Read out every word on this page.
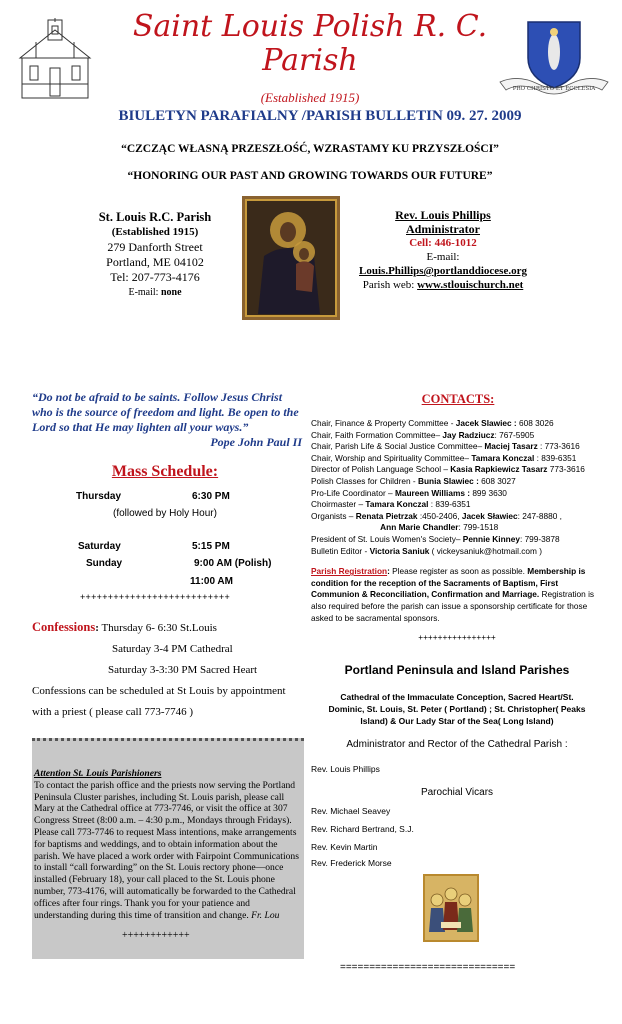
Saint Louis Polish R. C.
Parish
(Established 1915)
PRO CHRISTO ET ECCLESIA
BIULETYN PARAFIALNY /PARISH BULLETIN 09. 27. 2009
“CZCZĄC WŁASNĄ PRZESZŁOŚĆ, WZRASTAMY KU PRZYSZŁOŚCI”
“HONORING OUR PAST AND GROWING TOWARDS OUR FUTURE”
St. Louis R.C. Parish
(Established 1915)
279 Danforth Street
Portland, ME 04102
Tel: 207-773-4176
E-mail: none
Rev. Louis Phillips
Administrator
Cell: 446-1012
E-mail:
Louis.Phillips@portlanddiocese.org
Parish web: www.stlouischurch.net
“Do not be afraid to be saints. Follow Jesus Christ who is the source of freedom and light. Be open to the Lord so that He may lighten all your ways.”
Pope John Paul II
Mass Schedule:
Thursday	6:30 PM
(followed by Holy Hour)
Saturday	5:15 PM
Sunday	9:00 AM (Polish)
11:00 AM
+++++++++++++++++++++++++++
Confessions: Thursday 6- 6:30 St.Louis
Saturday 3-4 PM Cathedral
Saturday 3-3:30 PM Sacred Heart
Confessions can be scheduled at St Louis by appointment
with a priest ( please call 773-7746 )
Attention St. Louis Parishioners
To contact the parish office and the priests now serving the Portland Peninsula Cluster parishes, including St. Louis parish, please call Mary at the Cathedral office at 773-7746, or visit the office at 307 Congress Street (8:00 a.m. – 4:30 p.m., Mondays through Fridays). Please call 773-7746 to request Mass intentions, make arrangements for baptisms and weddings, and to obtain information about the parish. We have placed a work order with Fairpoint Communications to install “call forwarding” on the St. Louis rectory phone—once installed (February 18), your call placed to the St. Louis phone number, 773-4176, will automatically be forwarded to the Cathedral offices after four rings. Thank you for your patience and understanding during this time of transition and change. Fr. Lou
++++++++++++
CONTACTS:
Chair, Finance & Property Committee - Jacek Slawiec : 608 3026
Chair, Faith Formation Committee– Jay Radziucz: 767-5905
Chair, Parish Life & Social Justice Committee– Maciej Tasarz : 773-3616
Chair, Worship and Spirituality Committee– Tamara Konczal : 839-6351
Director of Polish Language School – Kasia Rapkiewicz Tasarz 773-3616
Polish Classes for Children - Bunia Slawiec : 608 3027
Pro-Life Coordinator – Maureen Williams : 899 3630
Choirmaster – Tamara Konczal : 839-6351
Organists – Renata Pietrzak :450-2406, Jacek Sławiec: 247-8880 ,
Ann Marie Chandler: 799-1518
President of St. Louis Women's Society– Pennie Kinney: 799-3878
Bulletin Editor - Victoria Saniuk ( vickeysaniuk@hotmail.com )
Parish Registration: Please register as soon as possible. Membership is condition for the reception of the Sacraments of Baptism, First Communion & Reconciliation, Confirmation and Marriage. Registration is also required before the parish can issue a sponsorship certificate for those asked to be sacramental sponsors.
++++++++++++++++
Portland Peninsula and Island Parishes
Cathedral of the Immaculate Conception, Sacred Heart/St. Dominic, St. Louis, St. Peter ( Portland) ; St. Christopher( Peaks Island) & Our Lady Star of the Sea( Long Island)
Administrator and Rector of the Cathedral Parish :
Rev. Louis Phillips
Parochial Vicars
Rev. Michael Seavey
Rev. Richard Bertrand, S.J.
Rev. Kevin Martin
Rev. Frederick Morse
==============================
